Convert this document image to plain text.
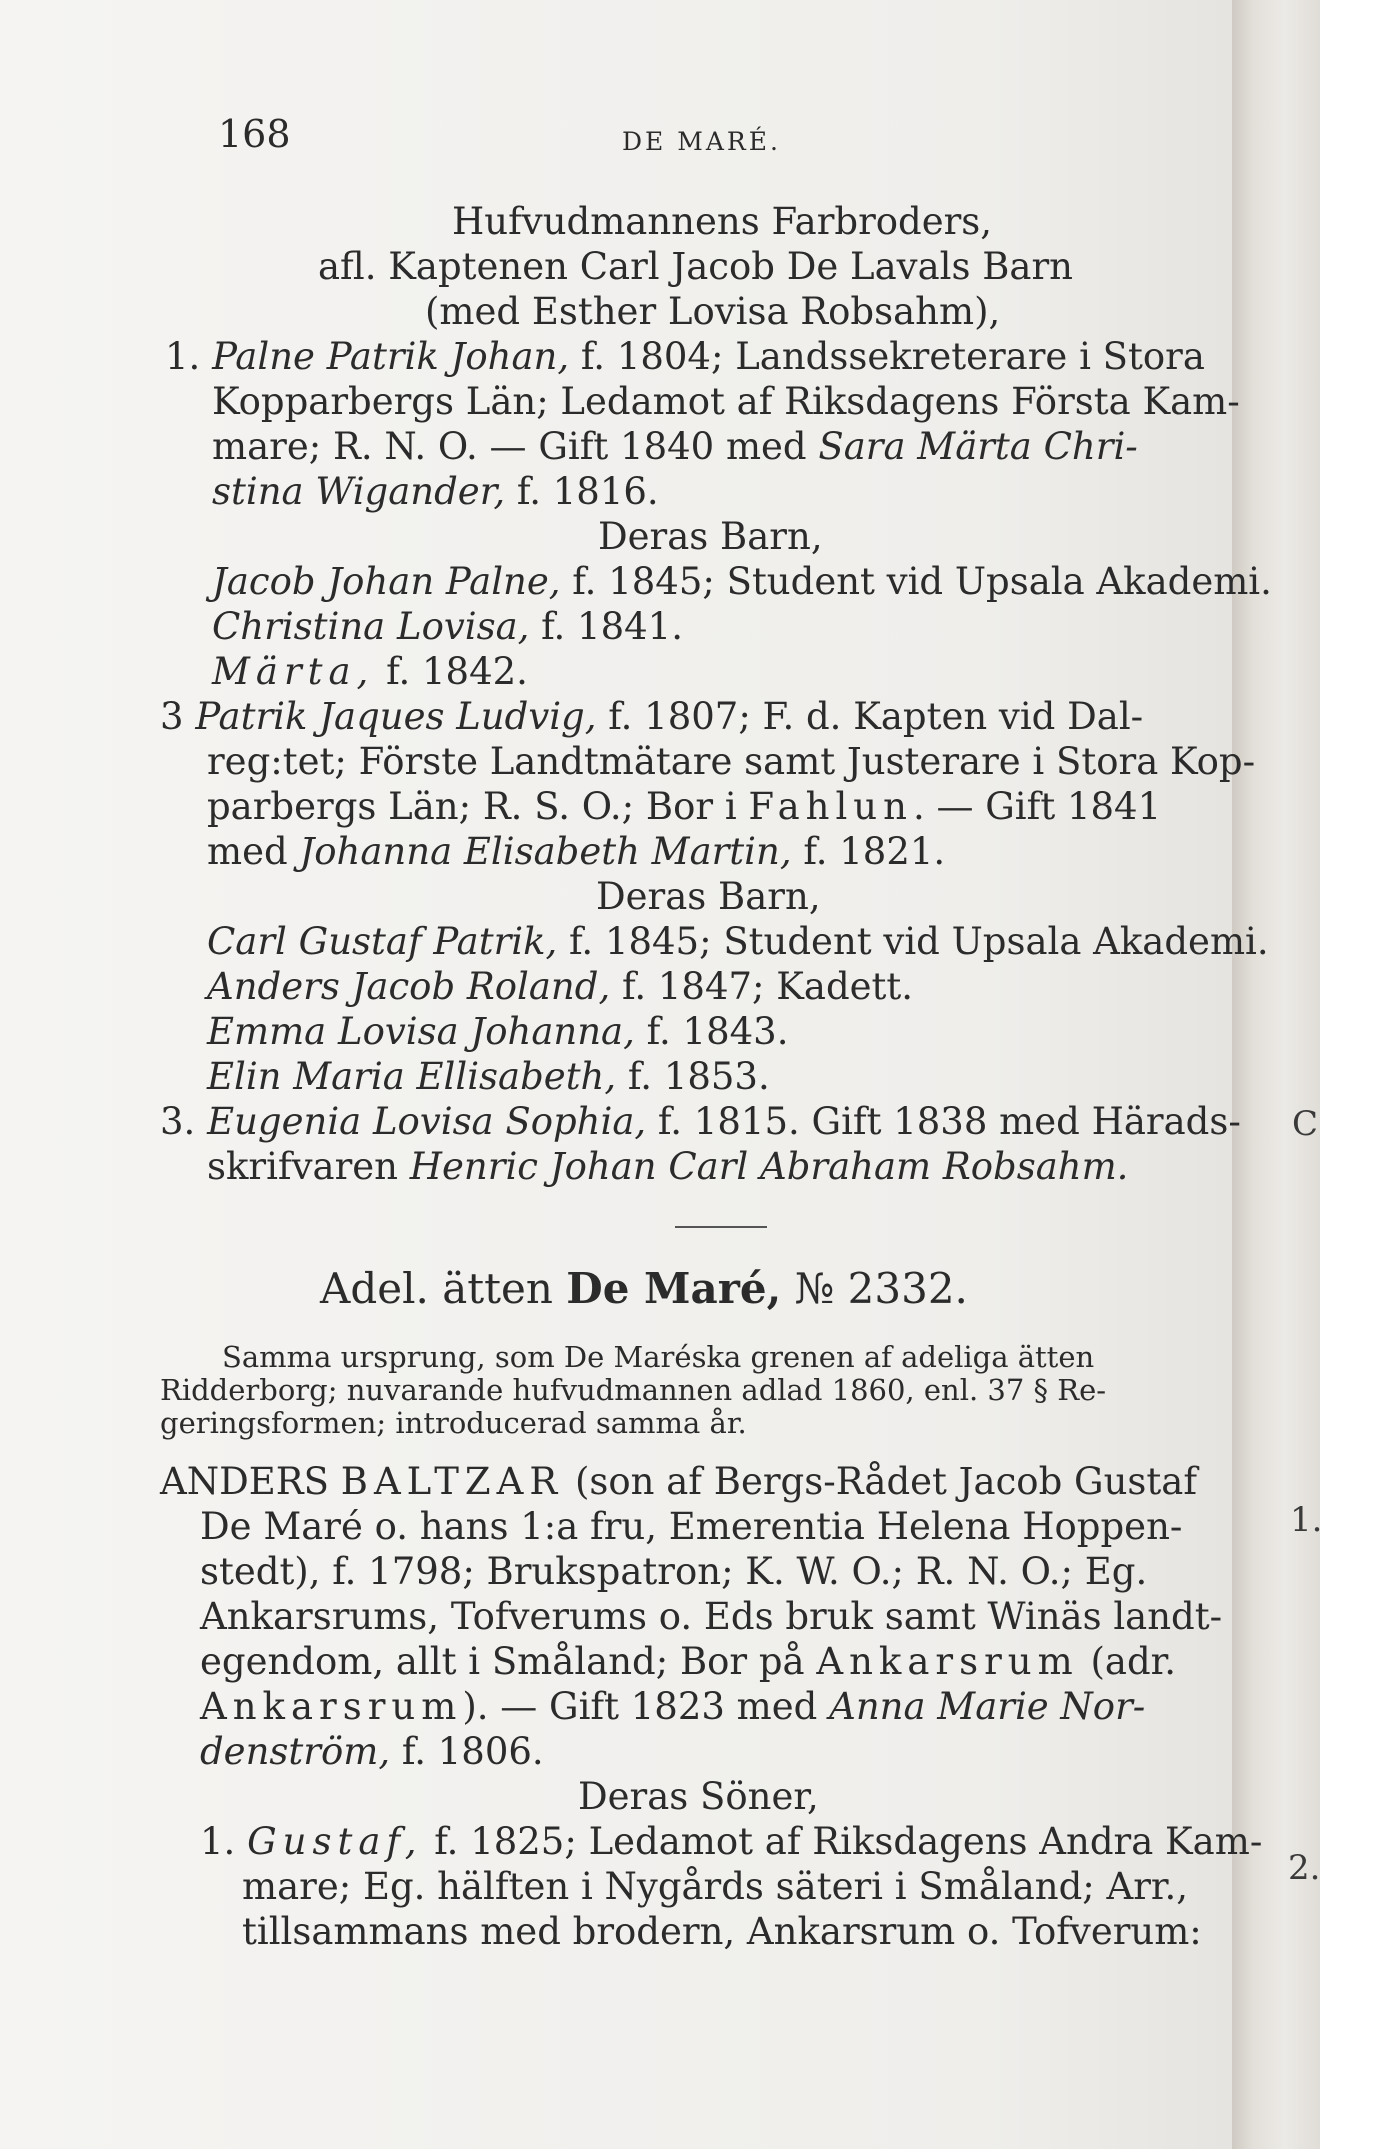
168	DE MARÉ.
Hufvudmannens Farbroders,
afl. Kaptenen Carl Jacob De Lavals Barn
(med Esther Lovisa Robsahm),
1. Palne Patrik Johan, f. 1804; Landssekreterare i Stora
Kopparbergs Län; Ledamot af Riksdagens Första Kam-
mare; R. N. O. — Gift 1840 med Sara Märta Chri-
stina Wigander, f. 1816.
Deras Barn,
Jacob Johan Palne, f. 1845; Student vid Upsala Akademi.
Christina Lovisa, f. 1841.
Märta, f. 1842.
3 Patrik Jaques Ludvig, f. 1807; F. d. Kapten vid Dal-
reg:tet; Förste Landtmätare samt Justerare i Stora Kop-
parbergs Län; R. S. O.; Bor i Fahlun. — Gift 1841
med Johanna Elisabeth Martin, f. 1821.
Deras Barn,
Carl Gustaf Patrik, f. 1845; Student vid Upsala Akademi.
Anders Jacob Roland, f. 1847; Kadett.
Emma Lovisa Johanna, f. 1843.
Elin Maria Ellisabeth, f. 1853.
3. Eugenia Lovisa Sophia, f. 1815. Gift 1838 med Härads-
skrifvaren Henric Johan Carl Abraham Robsahm.
Adel. ätten De Maré, № 2332.
Samma ursprung, som De Maréska grenen af adeliga ätten
Ridderborg; nuvarande hufvudmannen adlad 1860, enl. 37 § Re-
geringsformen; introducerad samma år.
ANDERS BALTZAR (son af Bergs-Rådet Jacob Gustaf
De Maré o. hans 1:a fru, Emerentia Helena Hoppen-
stedt), f. 1798; Brukspatron; K. W. O.; R. N. O.; Eg.
Ankarsrums, Tofverums o. Eds bruk samt Winäs landt-
egendom, allt i Småland; Bor på Ankarsrum (adr.
Ankarsrum). — Gift 1823 med Anna Marie Nor-
denström, f. 1806.
Deras Söner,
1. Gustaf, f. 1825; Ledamot af Riksdagens Andra Kam-
mare; Eg. hälften i Nygårds säteri i Småland; Arr.,
tillsammans med brodern, Ankarsrum o. Tofverum:
C
1.
2.
